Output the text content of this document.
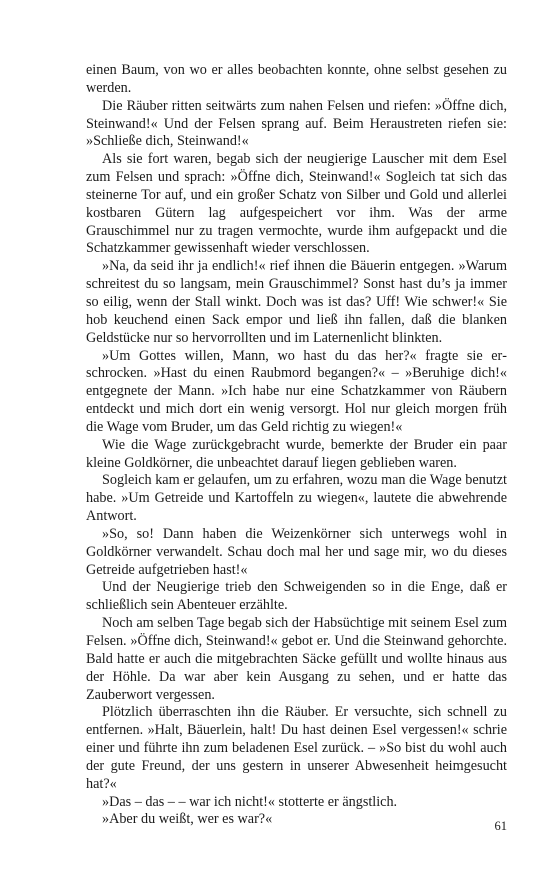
einen Baum, von wo er alles beobachten konnte, ohne selbst gesehen zu werden.

Die Räuber ritten seitwärts zum nahen Felsen und riefen: »Öffne dich, Steinwand!« Und der Felsen sprang auf. Beim Heraustreten riefen sie: »Schließe dich, Steinwand!«

Als sie fort waren, begab sich der neugierige Lauscher mit dem Esel zum Felsen und sprach: »Öffne dich, Steinwand!« Sogleich tat sich das steinerne Tor auf, und ein großer Schatz von Silber und Gold und allerlei kostbaren Gütern lag aufgespeichert vor ihm. Was der arme Grauschimmel nur zu tragen vermochte, wurde ihm aufgepackt und die Schatzkammer gewissenhaft wieder verschlossen.

»Na, da seid ihr ja endlich!« rief ihnen die Bäuerin entgegen. »Warum schreitest du so langsam, mein Grauschimmel? Sonst hast du’s ja immer so eilig, wenn der Stall winkt. Doch was ist das? Uff! Wie schwer!« Sie hob keuchend einen Sack empor und ließ ihn fallen, daß die blanken Geldstücke nur so hervorrollten und im Laternenlicht blinkten.

»Um Gottes willen, Mann, wo hast du das her?« fragte sie erschrocken. »Hast du einen Raubmord begangen?« – »Beruhige dich!« entgegnete der Mann. »Ich habe nur eine Schatzkammer von Räubern entdeckt und mich dort ein wenig versorgt. Hol nur gleich morgen früh die Wage vom Bruder, um das Geld richtig zu wiegen!«

Wie die Wage zurückgebracht wurde, bemerkte der Bruder ein paar kleine Goldkörner, die unbeachtet darauf liegen geblieben waren.

Sogleich kam er gelaufen, um zu erfahren, wozu man die Wage benutzt habe. »Um Getreide und Kartoffeln zu wiegen«, lautete die abwehrende Antwort.

»So, so! Dann haben die Weizenkörner sich unterwegs wohl in Goldkörner verwandelt. Schau doch mal her und sage mir, wo du dieses Getreide aufgetrieben hast!«

Und der Neugierige trieb den Schweigenden so in die Enge, daß er schließlich sein Abenteuer erzählte.

Noch am selben Tage begab sich der Habsüchtige mit seinem Esel zum Felsen. »Öffne dich, Steinwand!« gebot er. Und die Steinwand gehorchte. Bald hatte er auch die mitgebrachten Säcke gefüllt und wollte hinaus aus der Höhle. Da war aber kein Ausgang zu sehen, und er hatte das Zauberwort vergessen.

Plötzlich überraschten ihn die Räuber. Er versuchte, sich schnell zu entfernen. »Halt, Bäuerlein, halt! Du hast deinen Esel vergessen!« schrie einer und führte ihn zum beladenen Esel zurück. – »So bist du wohl auch der gute Freund, der uns gestern in unserer Abwesenheit heimgesucht hat?«

»Das – das – – war ich nicht!« stotterte er ängstlich.

»Aber du weißt, wer es war?«	61
